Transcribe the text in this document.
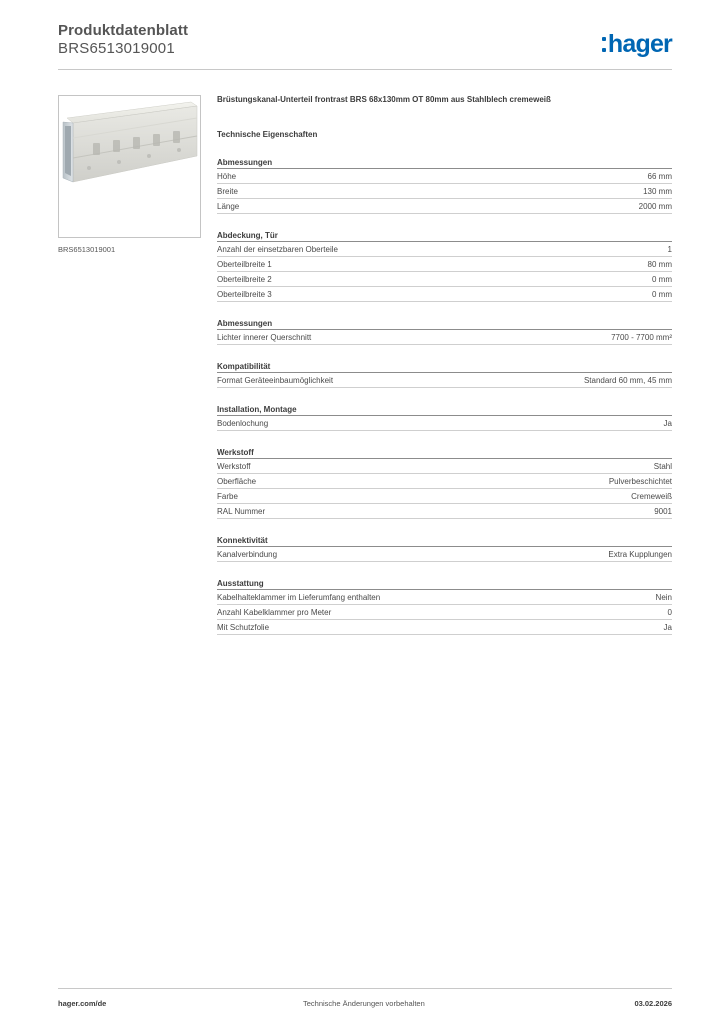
Produktdatenblatt
BRS6513019001	hager
BRS6513019001
Brüstungskanal-Unterteil frontrast BRS 68x130mm OT 80mm aus Stahlblech cremeweiß
Technische Eigenschaften
Abmessungen
Höhe	66 mm
Breite	130 mm
Länge	2000 mm
Abdeckung, Tür
Anzahl der einsetzbaren Oberteile	1
Oberteilbreite 1	80 mm
Oberteilbreite 2	0 mm
Oberteilbreite 3	0 mm
Abmessungen
Lichter innerer Querschnitt	7700 - 7700 mm²
Kompatibilität
Format Geräteeinbaumöglichkeit	Standard 60 mm, 45 mm
Installation, Montage
Bodenlochung	Ja
Werkstoff
Werkstoff	Stahl
Oberfläche	Pulverbeschichtet
Farbe	Cremeweiß
RAL Nummer	9001
Konnektivität
Kanalverbindung	Extra Kupplungen
Ausstattung
Kabelhalteklammer im Lieferumfang enthalten	Nein
Anzahl Kabelklammer pro Meter	0
Mit Schutzfolie	Ja
hager.com/de	Technische Änderungen vorbehalten	03.02.2026
